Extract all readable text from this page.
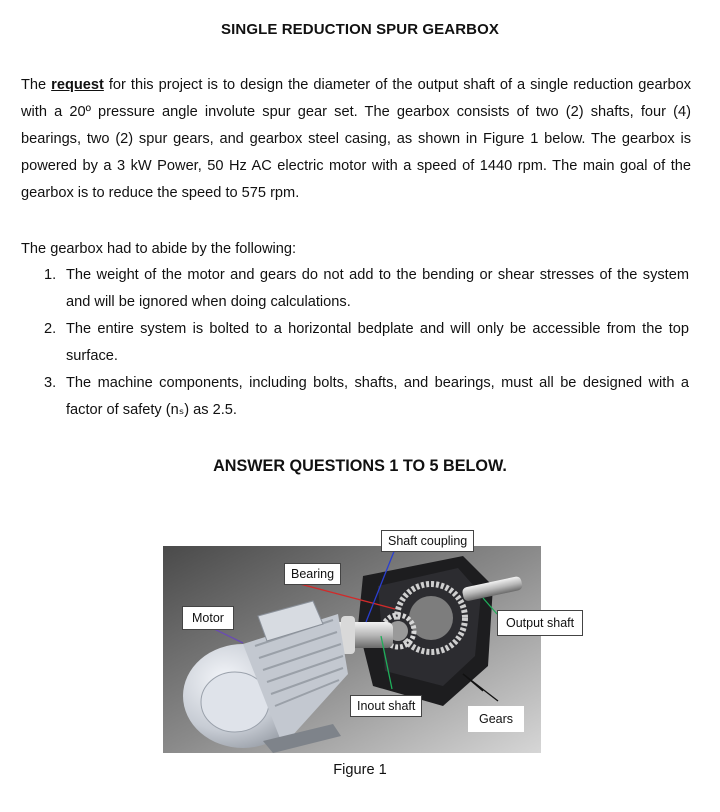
SINGLE REDUCTION SPUR GEARBOX
The request for this project is to design the diameter of the output shaft of a single reduction gearbox with a 20º pressure angle involute spur gear set. The gearbox consists of two (2) shafts, four (4) bearings, two (2) spur gears, and gearbox steel casing, as shown in Figure 1 below. The gearbox is powered by a 3 kW Power, 50 Hz AC electric motor with a speed of 1440 rpm. The main goal of the gearbox is to reduce the speed to 575 rpm.
The gearbox had to abide by the following:
1. The weight of the motor and gears do not add to the bending or shear stresses of the system and will be ignored when doing calculations.
2. The entire system is bolted to a horizontal bedplate and will only be accessible from the top surface.
3. The machine components, including bolts, shafts, and bearings, must all be designed with a factor of safety (nₛ) as 2.5.
ANSWER QUESTIONS 1 TO 5 BELOW.
Shaft coupling
Bearing
Motor	Output shaft
Inout shaft
Gears
Figure 1
